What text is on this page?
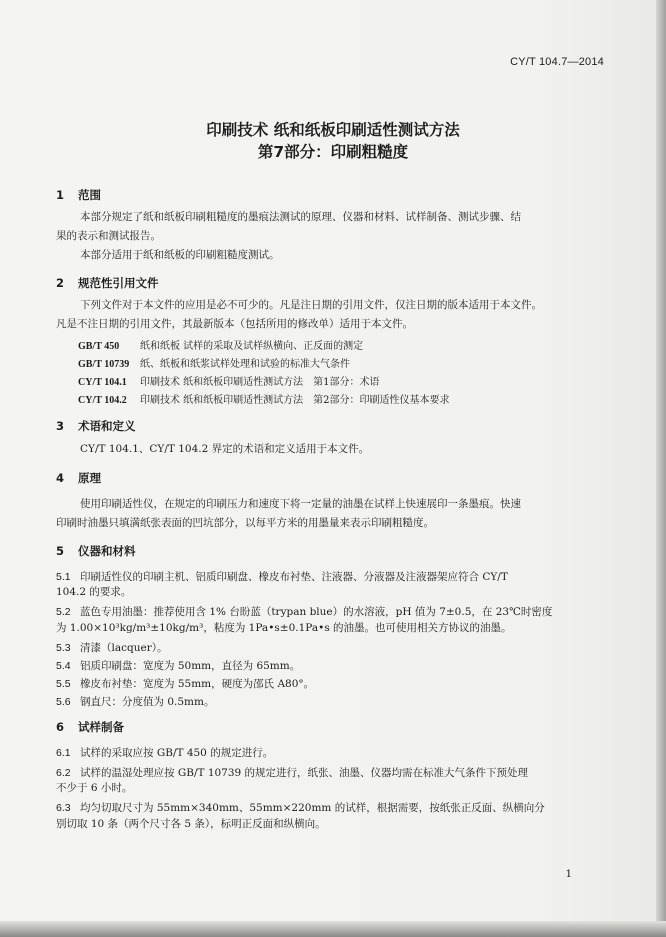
CY/T 104.7—2014
印刷技术 纸和纸板印刷适性测试方法
第7部分：印刷粗糙度
1 范围
本部分规定了纸和纸板印刷粗糙度的墨痕法测试的原理、仪器和材料、试样制备、测试步骤、结
果的表示和测试报告。
本部分适用于纸和纸板的印刷粗糙度测试。
2 规范性引用文件
下列文件对于本文件的应用是必不可少的。凡是注日期的引用文件，仅注日期的版本适用于本文件。
凡是不注日期的引用文件，其最新版本（包括所用的修改单）适用于本文件。
GB/T 450 纸和纸板 试样的采取及试样纵横向、正反面的测定
GB/T 10739 纸、纸板和纸浆试样处理和试验的标准大气条件
CY/T 104.1 印刷技术 纸和纸板印刷适性测试方法　第1部分：术语
CY/T 104.2 印刷技术 纸和纸板印刷适性测试方法　第2部分：印刷适性仪基本要求
3 术语和定义
CY/T 104.1、CY/T 104.2 界定的术语和定义适用于本文件。
4 原理
使用印刷适性仪，在规定的印刷压力和速度下将一定量的油墨在试样上快速展印一条墨痕。快速
印刷时油墨只填满纸张表面的凹坑部分，以每平方米的用墨量来表示印刷粗糙度。
5 仪器和材料
5.1 印刷适性仪的印刷主机、铝质印刷盘、橡皮布衬垫、注液器、分液器及注液器架应符合 CY/T
104.2 的要求。
5.2 蓝色专用油墨：推荐使用含 1% 台盼蓝（trypan blue）的水溶液，pH 值为 7±0.5，在 23℃时密度
为 1.00×10³kg/m³±10kg/m³，粘度为 1Pa•s±0.1Pa•s 的油墨。也可使用相关方协议的油墨。
5.3 清漆（lacquer）。
5.4 铝质印刷盘：宽度为 50mm，直径为 65mm。
5.5 橡皮布衬垫：宽度为 55mm，硬度为邵氏 A80°。
5.6 钢直尺：分度值为 0.5mm。
6 试样制备
6.1 试样的采取应按 GB/T 450 的规定进行。
6.2 试样的温湿处理应按 GB/T 10739 的规定进行，纸张、油墨、仪器均需在标准大气条件下预处理
不少于 6 小时。
6.3 均匀切取尺寸为 55mm×340mm、55mm×220mm 的试样，根据需要，按纸张正反面、纵横向分
别切取 10 条（两个尺寸各 5 条），标明正反面和纵横向。
1
